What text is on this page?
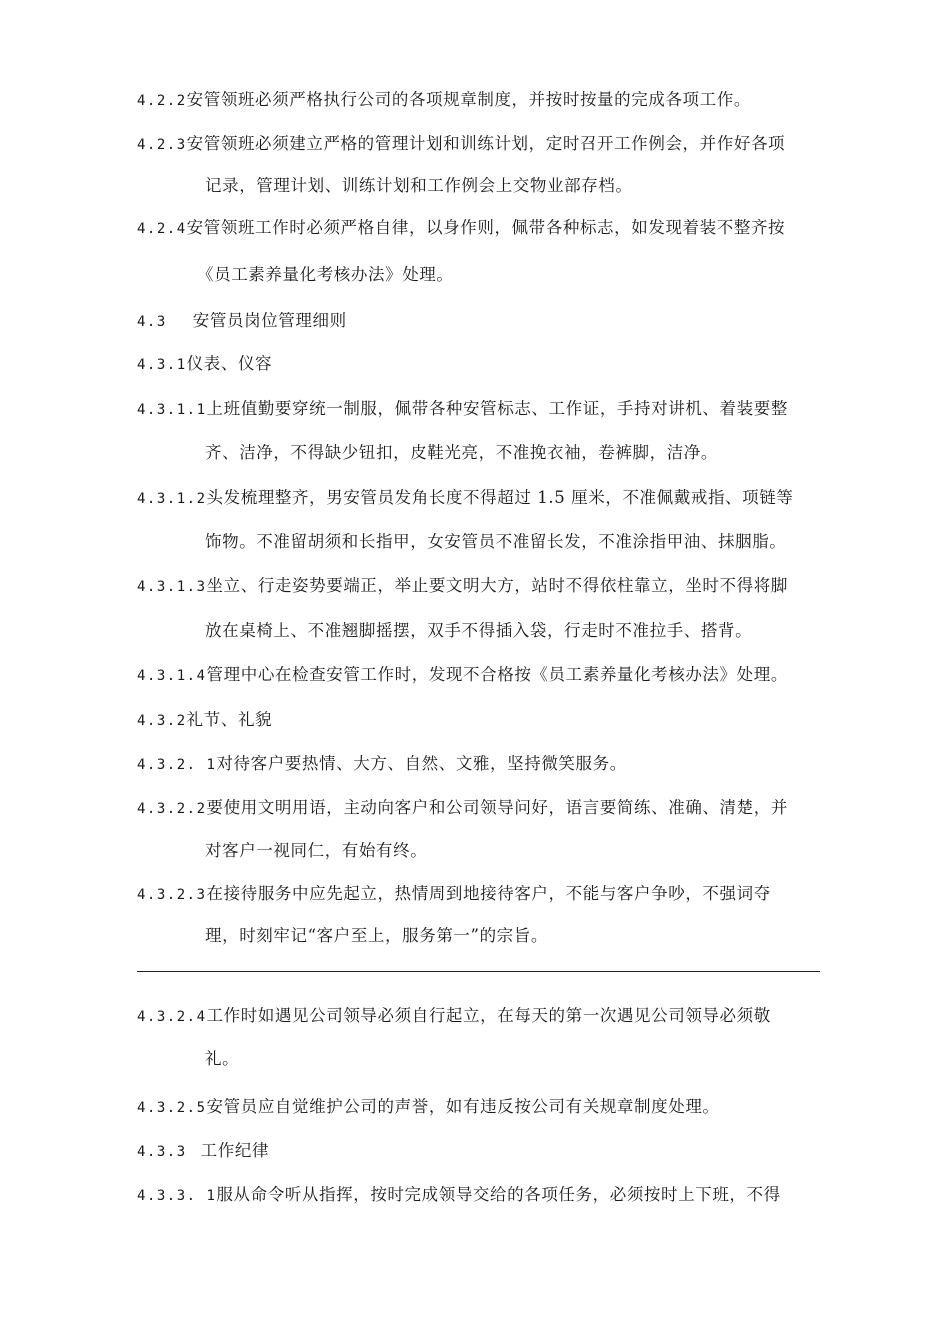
4.2.2安管领班必须严格执行公司的各项规章制度，并按时按量的完成各项工作。
4.2.3安管领班必须建立严格的管理计划和训练计划，定时召开工作例会，并作好各项
记录，管理计划、训练计划和工作例会上交物业部存档。
4.2.4安管领班工作时必须严格自律，以身作则，佩带各种标志，如发现着装不整齐按
《员工素养量化考核办法》处理。
4.3 安管员岗位管理细则
4.3.1仪表、仪容
4.3.1.1上班值勤要穿统一制服，佩带各种安管标志、工作证，手持对讲机、着装要整
齐、洁净，不得缺少钮扣，皮鞋光亮，不准挽衣袖，卷裤脚，洁净。
4.3.1.2头发梳理整齐，男安管员发角长度不得超过 1.5 厘米，不准佩戴戒指、项链等
饰物。不准留胡须和长指甲，女安管员不准留长发，不准涂指甲油、抹胭脂。
4.3.1.3坐立、行走姿势要端正，举止要文明大方，站时不得依柱靠立，坐时不得将脚
放在桌椅上、不准翘脚摇摆，双手不得插入袋，行走时不准拉手、搭背。
4.3.1.4管理中心在检查安管工作时，发现不合格按《员工素养量化考核办法》处理。
4.3.2礼节、礼貌
4.3.2. 1对待客户要热情、大方、自然、文雅，坚持微笑服务。
4.3.2.2要使用文明用语，主动向客户和公司领导问好，语言要简练、准确、清楚，并
对客户一视同仁，有始有终。
4.3.2.3在接待服务中应先起立，热情周到地接待客户，不能与客户争吵，不强词夺
理，时刻牢记“客户至上，服务第一”的宗旨。
4.3.2.4工作时如遇见公司领导必须自行起立，在每天的第一次遇见公司领导必须敬
礼。
4.3.2.5安管员应自觉维护公司的声誉，如有违反按公司有关规章制度处理。
4.3.3 工作纪律
4.3.3. 1服从命令听从指挥，按时完成领导交给的各项任务，必须按时上下班，不得
